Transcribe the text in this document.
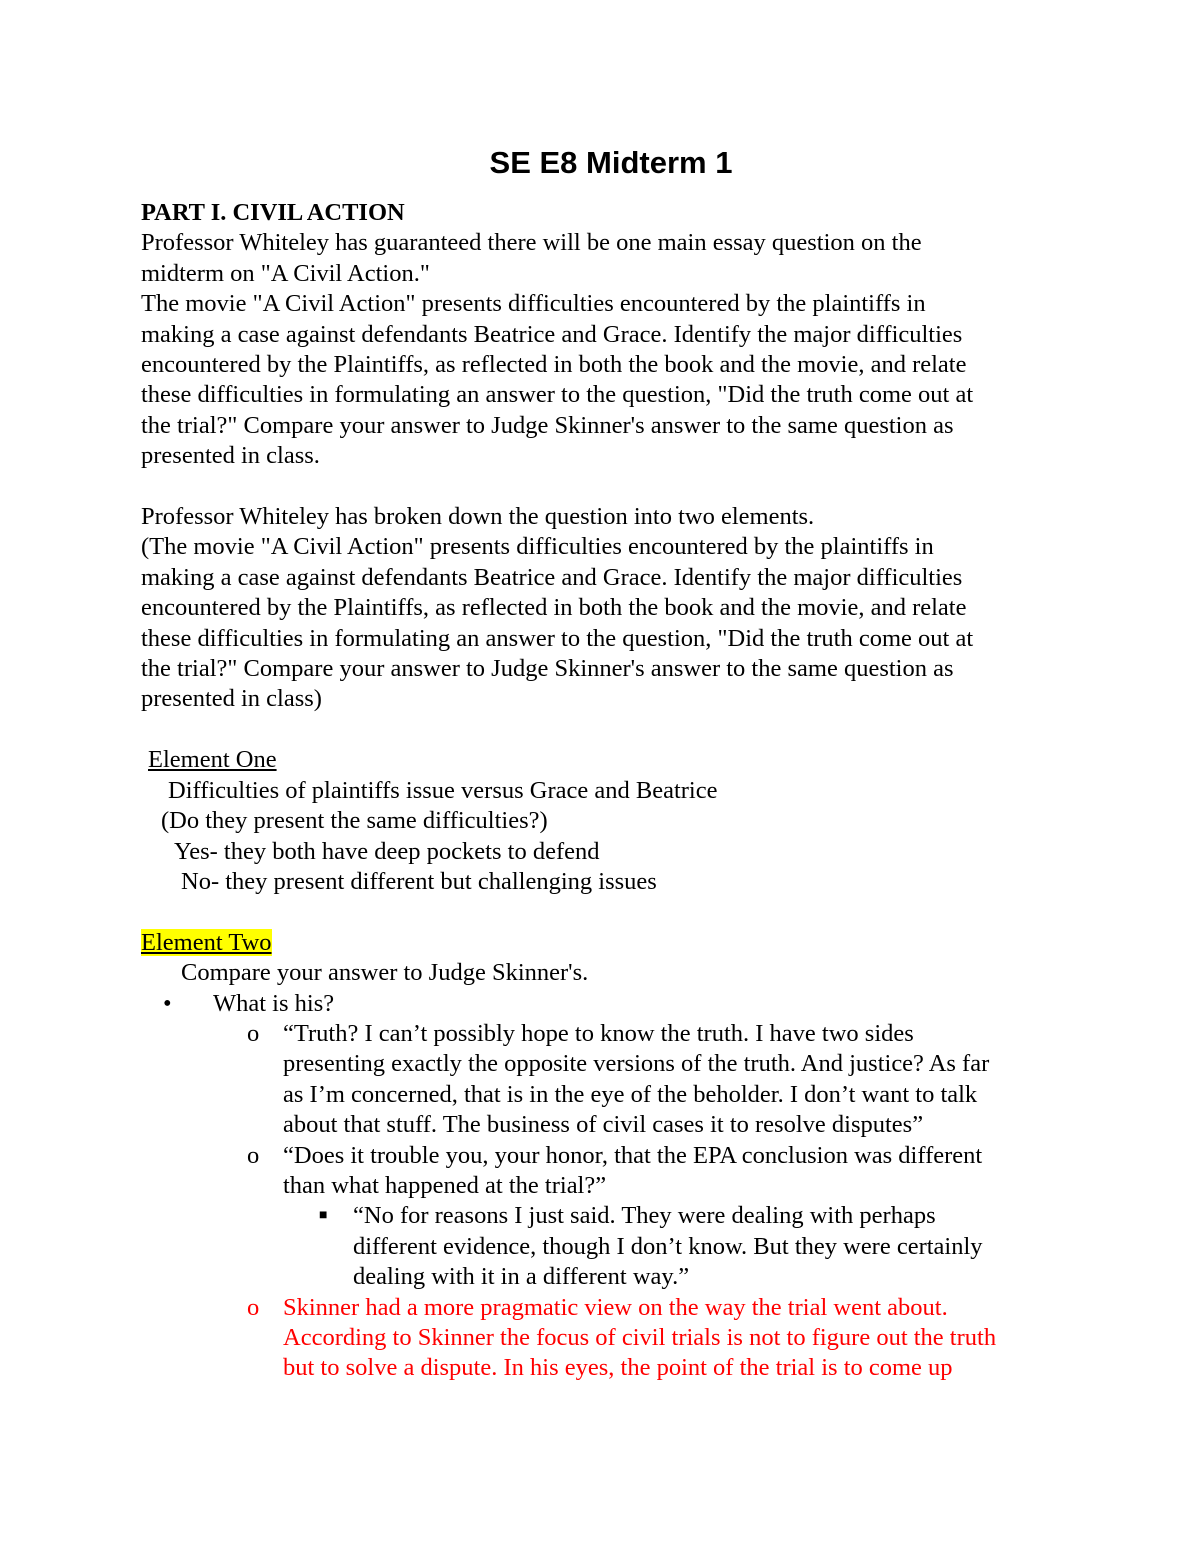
SE E8 Midterm 1
PART I. CIVIL ACTION
Professor Whiteley has guaranteed there will be one main essay question on the
midterm on "A Civil Action."
The movie "A Civil Action" presents difficulties encountered by the plaintiffs in
making a case against defendants Beatrice and Grace. Identify the major difficulties
encountered by the Plaintiffs, as reflected in both the book and the movie, and relate
these difficulties in formulating an answer to the question, "Did the truth come out at
the trial?" Compare your answer to Judge Skinner's answer to the same question as
presented in class.
Professor Whiteley has broken down the question into two elements.
(The movie "A Civil Action" presents difficulties encountered by the plaintiffs in
making a case against defendants Beatrice and Grace. Identify the major difficulties
encountered by the Plaintiffs, as reflected in both the book and the movie, and relate
these difficulties in formulating an answer to the question, "Did the truth come out at
the trial?" Compare your answer to Judge Skinner's answer to the same question as
presented in class)
Element One
Difficulties of plaintiffs issue versus Grace and Beatrice
(Do they present the same difficulties?)
Yes- they both have deep pockets to defend
No- they present different but challenging issues
Element Two
Compare your answer to Judge Skinner's.
• What is his?
o “Truth? I can’t possibly hope to know the truth. I have two sides
presenting exactly the opposite versions of the truth. And justice? As far
as I’m concerned, that is in the eye of the beholder. I don’t want to talk
about that stuff. The business of civil cases it to resolve disputes”
o “Does it trouble you, your honor, that the EPA conclusion was different
than what happened at the trial?”
■ “No for reasons I just said. They were dealing with perhaps
different evidence, though I don’t know. But they were certainly
dealing with it in a different way.”
o Skinner had a more pragmatic view on the way the trial went about.
According to Skinner the focus of civil trials is not to figure out the truth
but to solve a dispute. In his eyes, the point of the trial is to come up
